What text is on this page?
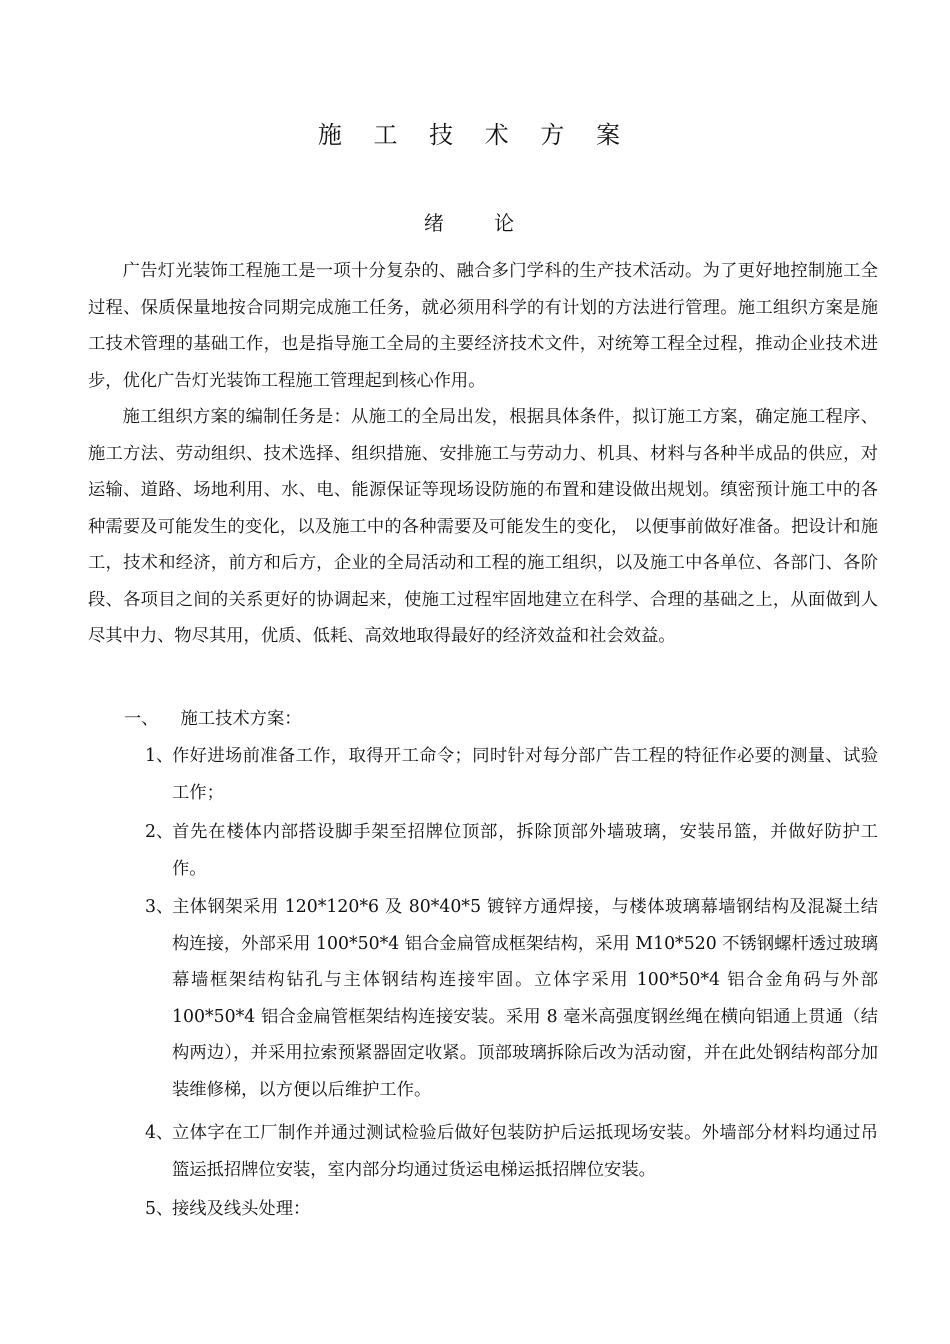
施 工 技 术 方 案
绪 论
广告灯光装饰工程施工是一项十分复杂的、融合多门学科的生产技术活动。为了更好地控制施工全过程、保质保量地按合同期完成施工任务，就必须用科学的有计划的方法进行管理。施工组织方案是施工技术管理的基础工作，也是指导施工全局的主要经济技术文件，对统筹工程全过程，推动企业技术进步，优化广告灯光装饰工程施工管理起到核心作用。
施工组织方案的编制任务是：从施工的全局出发，根据具体条件，拟订施工方案，确定施工程序、施工方法、劳动组织、技术选择、组织措施、安排施工与劳动力、机具、材料与各种半成品的供应，对运输、道路、场地利用、水、电、能源保证等现场设防施的布置和建设做出规划。缜密预计施工中的各种需要及可能发生的变化，以及施工中的各种需要及可能发生的变化， 以便事前做好准备。把设计和施工，技术和经济，前方和后方，企业的全局活动和工程的施工组织，以及施工中各单位、各部门、各阶段、各项目之间的关系更好的协调起来，使施工过程牢固地建立在科学、合理的基础之上，从面做到人尽其中力、物尽其用，优质、低耗、高效地取得最好的经济效益和社会效益。
一、    施工技术方案：
1、
作好进场前准备工作，取得开工命令；同时针对每分部广告工程的特征作必要的测量、试验工作；
2、
首先在楼体内部搭设脚手架至招牌位顶部，拆除顶部外墙玻璃，安装吊篮，并做好防护工作。
3、
主体钢架采用 120*120*6 及 80*40*5 镀锌方通焊接，与楼体玻璃幕墙钢结构及混凝土结构连接，外部采用 100*50*4 铝合金扁管成框架结构，采用 M10*520 不锈钢螺杆透过玻璃幕墙框架结构钻孔与主体钢结构连接牢固。立体字采用 100*50*4 铝合金角码与外部 100*50*4 铝合金扁管框架结构连接安装。采用 8 毫米高强度钢丝绳在横向铝通上贯通（结构两边），并采用拉索预紧器固定收紧。顶部玻璃拆除后改为活动窗，并在此处钢结构部分加装维修梯，以方便以后维护工作。
4、
立体字在工厂制作并通过测试检验后做好包装防护后运抵现场安装。外墙部分材料均通过吊篮运抵招牌位安装，室内部分均通过货运电梯运抵招牌位安装。
5、
接线及线头处理：
